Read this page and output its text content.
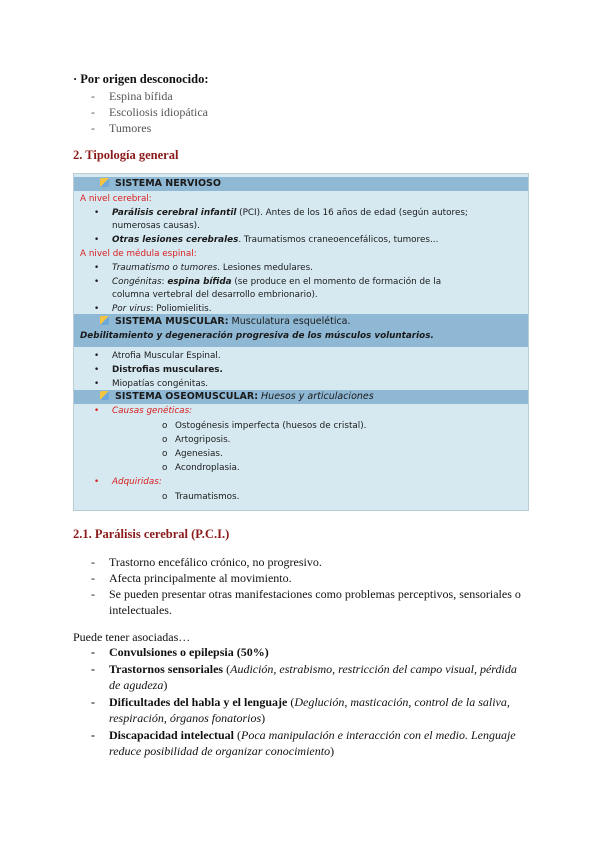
· Por origen desconocido:
- Espina bífida
- Escoliosis idiopática
- Tumores
2. Tipología general
SISTEMA NERVIOSO
A nivel cerebral:
• Parálisis cerebral infantil (PCI). Antes de los 16 años de edad (según autores;
numerosas causas).
• Otras lesiones cerebrales. Traumatismos craneoencefálicos, tumores...
A nivel de médula espinal:
• Traumatismo o tumores. Lesiones medulares.
• Congénitas: espina bífida (se produce en el momento de formación de la
columna vertebral del desarrollo embrionario).
• Por virus: Poliomielitis.
SISTEMA MUSCULAR: Musculatura esquelética.
Debilitamiento y degeneración progresiva de los músculos voluntarios.
• Atrofia Muscular Espinal.
• Distrofias musculares.
• Miopatías congénitas.
SISTEMA OSEOMUSCULAR: Huesos y articulaciones
• Causas genéticas:
o Ostogénesis imperfecta (huesos de cristal).
o Artogriposis.
o Agenesias.
o Acondroplasia.
• Adquiridas:
o Traumatismos.
2.1. Parálisis cerebral (P.C.I.)
- Trastorno encefálico crónico, no progresivo.
- Afecta principalmente al movimiento.
- Se pueden presentar otras manifestaciones como problemas perceptivos, sensoriales o
intelectuales.
Puede tener asociadas…
- Convulsiones o epilepsia (50%)
- Trastornos sensoriales (Audición, estrabismo, restricción del campo visual, pérdida
de agudeza)
- Dificultades del habla y el lenguaje (Deglución, masticación, control de la saliva,
respiración, órganos fonatorios)
- Discapacidad intelectual (Poca manipulación e interacción con el medio. Lenguaje
reduce posibilidad de organizar conocimiento)
